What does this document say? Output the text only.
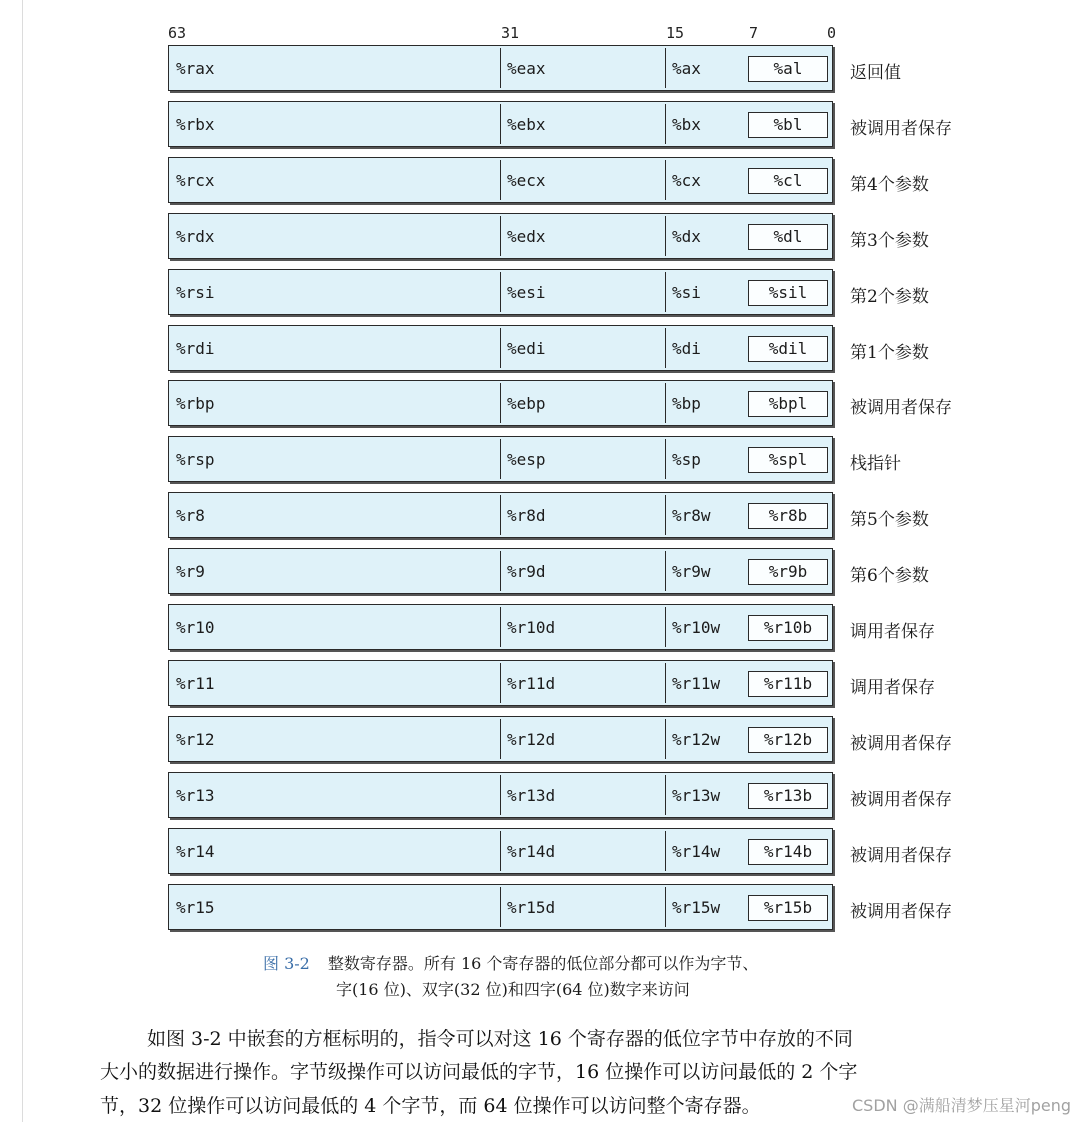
63	31	15	7	0
%rax	%eax	%ax	%al	返回值
%rbx	%ebx	%bx	%bl	被调用者保存
%rcx	%ecx	%cx	%cl	第4个参数
%rdx	%edx	%dx	%dl	第3个参数
%rsi	%esi	%si	%sil	第2个参数
%rdi	%edi	%di	%dil	第1个参数
%rbp	%ebp	%bp	%bpl	被调用者保存
%rsp	%esp	%sp	%spl	栈指针
%r8	%r8d	%r8w	%r8b	第5个参数
%r9	%r9d	%r9w	%r9b	第6个参数
%r10	%r10d	%r10w	%r10b	调用者保存
%r11	%r11d	%r11w	%r11b	调用者保存
%r12	%r12d	%r12w	%r12b	被调用者保存
%r13	%r13d	%r13w	%r13b	被调用者保存
%r14	%r14d	%r14w	%r14b	被调用者保存
%r15	%r15d	%r15w	%r15b	被调用者保存
图 3-2 整数寄存器。所有 16 个寄存器的低位部分都可以作为字节、
字(16 位)、双字(32 位)和四字(64 位)数字来访问
如图 3-2 中嵌套的方框标明的，指令可以对这 16 个寄存器的低位字节中存放的不同
大小的数据进行操作。字节级操作可以访问最低的字节，16 位操作可以访问最低的 2 个字
节，32 位操作可以访问最低的 4 个字节，而 64 位操作可以访问整个寄存器。	CSDN @满船清梦压星河peng
